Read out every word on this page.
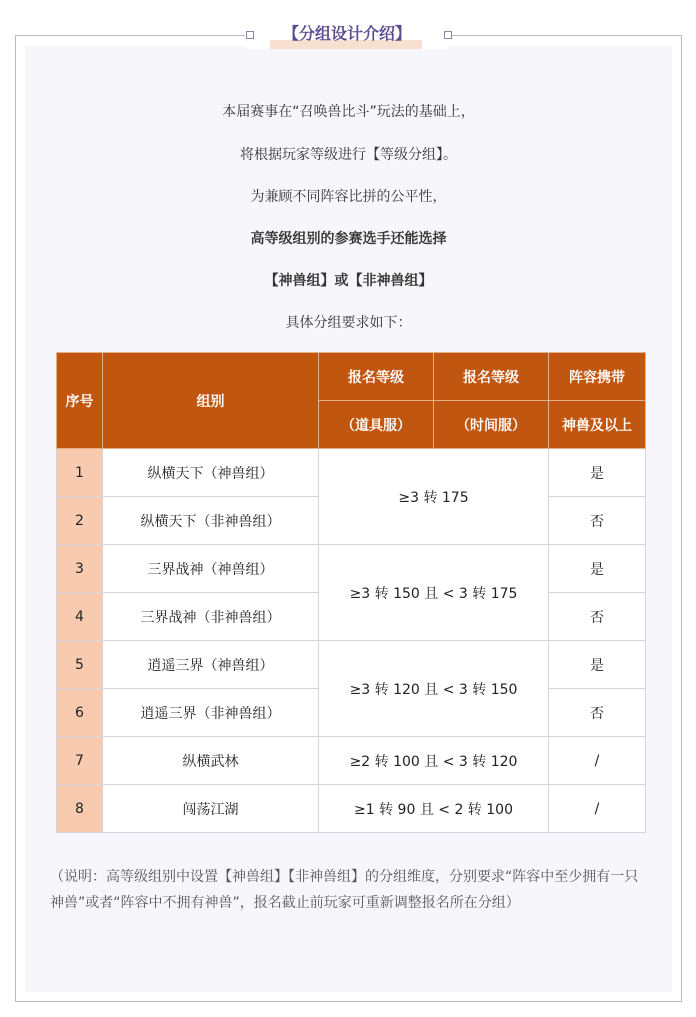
【分组设计介绍】
本届赛事在“召唤兽比斗”玩法的基础上，
将根据玩家等级进行【等级分组】。
为兼顾不同阵容比拼的公平性，
高等级组别的参赛选手还能选择
【神兽组】或【非神兽组】
具体分组要求如下：
序号	组别	报名等级	报名等级	阵容携带
		（道具服）	（时间服）	神兽及以上
1	纵横天下（神兽组）	≥3 转 175		是
2	纵横天下（非神兽组）			否
3	三界战神（神兽组）	≥3 转 150 且 < 3 转 175		是
4	三界战神（非神兽组）			否
5	逍遥三界（神兽组）	≥3 转 120 且 < 3 转 150		是
6	逍遥三界（非神兽组）			否
7	纵横武林	≥2 转 100 且 < 3 转 120		/
8	闯荡江湖	≥1 转 90 且 < 2 转 100		/
（说明：高等级组别中设置【神兽组】【非神兽组】的分组维度，分别要求“阵容中至少拥有一只神兽”或者“阵容中不拥有神兽”，报名截止前玩家可重新调整报名所在分组）
